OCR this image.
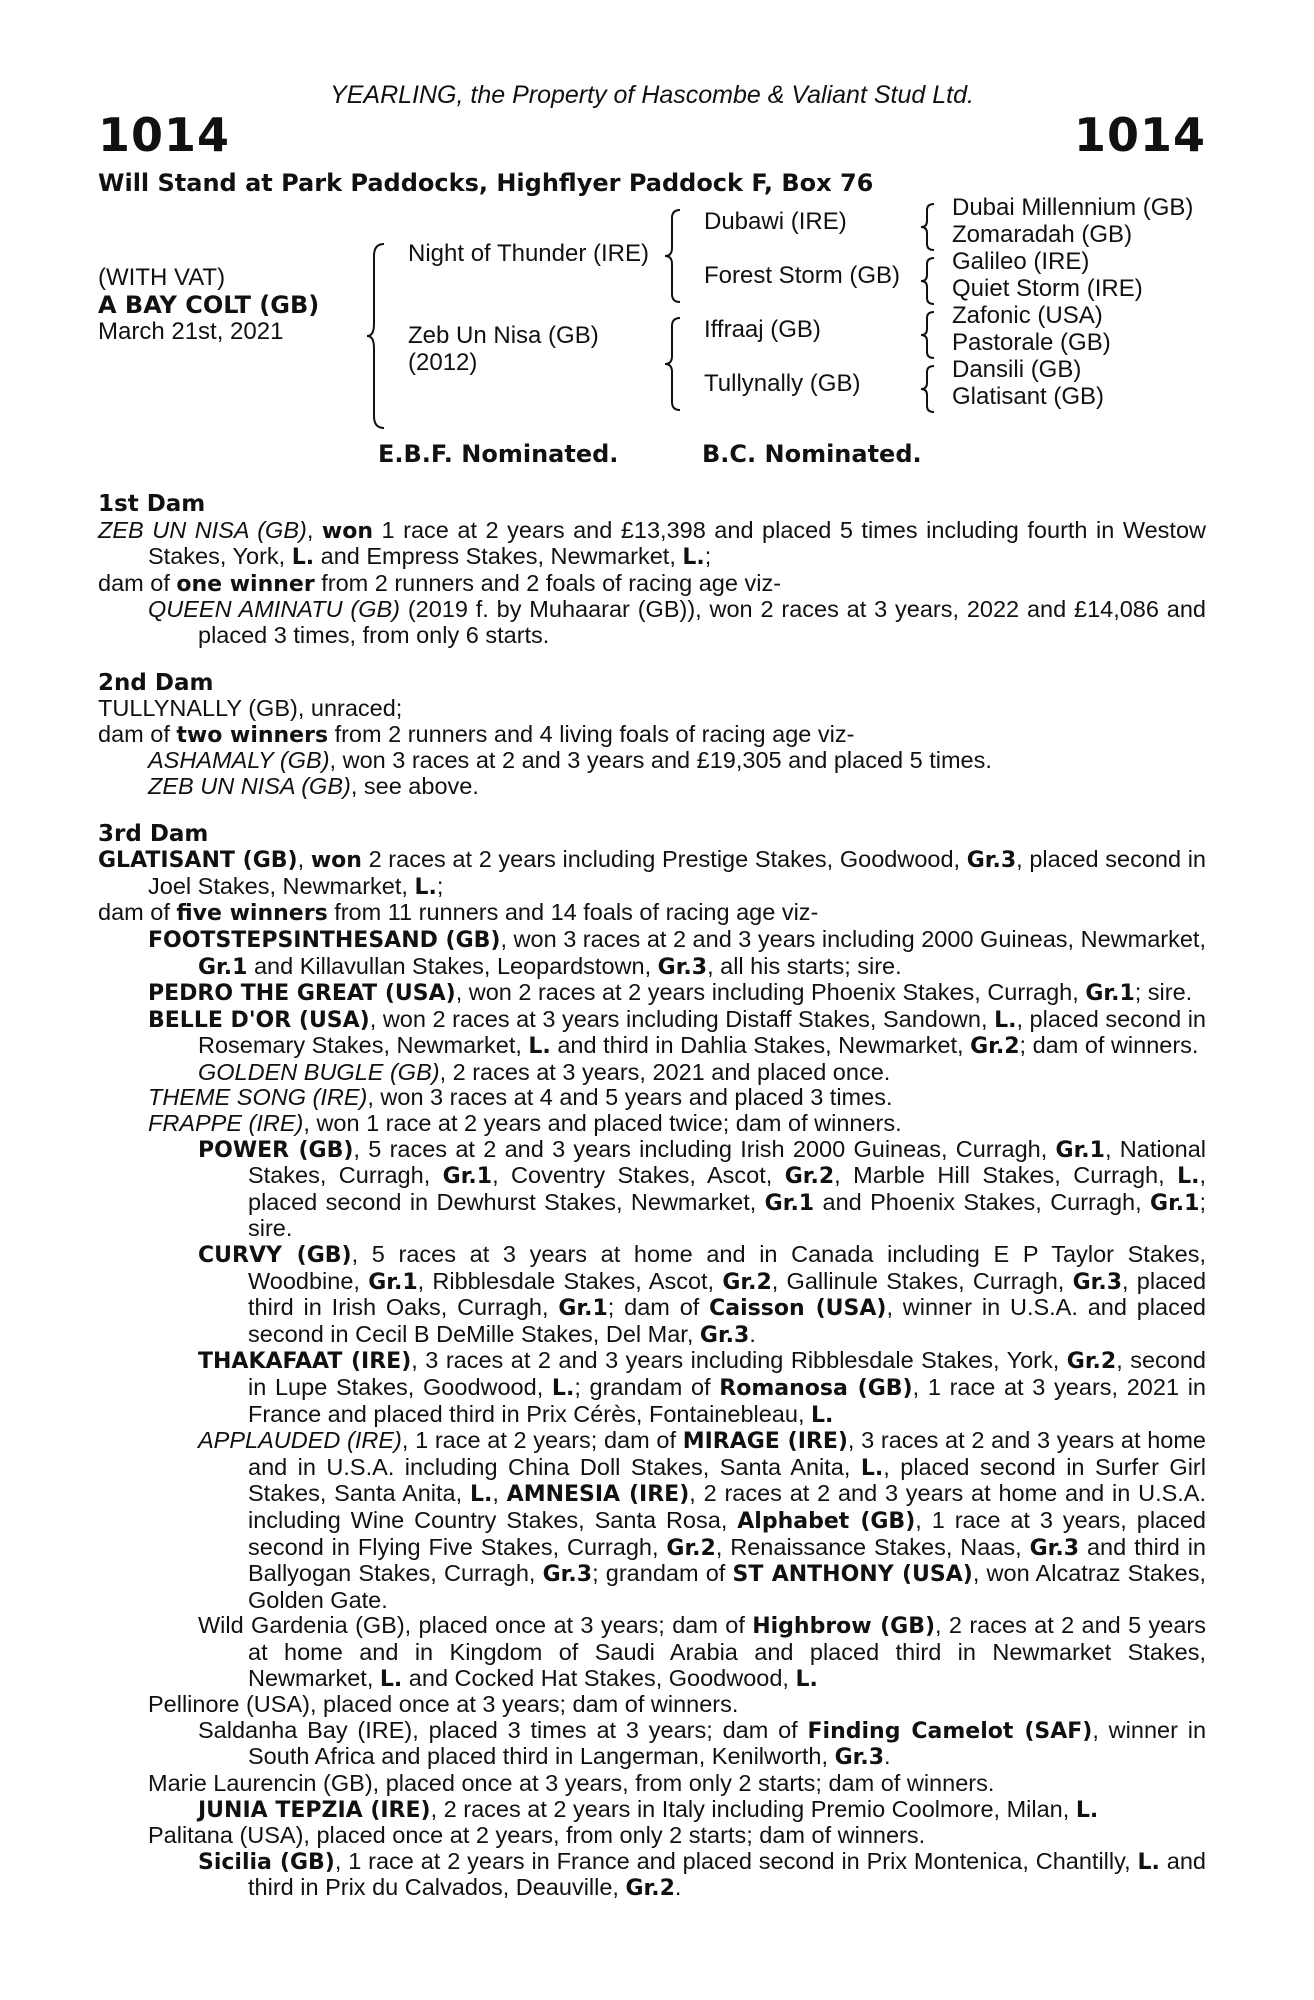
YEARLING, the Property of Hascombe & Valiant Stud Ltd.
1014	1014
Will Stand at Park Paddocks, Highflyer Paddock F, Box 76
(WITH VAT)
A BAY COLT (GB)
March 21st, 2021
Night of Thunder (IRE)
Zeb Un Nisa (GB)
(2012)
Dubawi (IRE)
Forest Storm (GB)
Iffraaj (GB)
Tullynally (GB)
Dubai Millennium (GB)
Zomaradah (GB)
Galileo (IRE)
Quiet Storm (IRE)
Zafonic (USA)
Pastorale (GB)
Dansili (GB)
Glatisant (GB)
E.B.F. Nominated.	B.C. Nominated.
1st Dam

ZEB UN NISA (GB), won 1 race at 2 years and £13,398 and placed 5 times including fourth in Westow Stakes, York, L. and Empress Stakes, Newmarket, L.;

dam of one winner from 2 runners and 2 foals of racing age viz-

QUEEN AMINATU (GB) (2019 f. by Muhaarar (GB)), won 2 races at 3 years, 2022 and £14,086 and placed 3 times, from only 6 starts.

2nd Dam

TULLYNALLY (GB), unraced;

dam of two winners from 2 runners and 4 living foals of racing age viz-

ASHAMALY (GB), won 3 races at 2 and 3 years and £19,305 and placed 5 times.

ZEB UN NISA (GB), see above.

3rd Dam

GLATISANT (GB), won 2 races at 2 years including Prestige Stakes, Goodwood, Gr.3, placed second in Joel Stakes, Newmarket, L.;

dam of five winners from 11 runners and 14 foals of racing age viz-

FOOTSTEPSINTHESAND (GB), won 3 races at 2 and 3 years including 2000 Guineas, Newmarket, Gr.1 and Killavullan Stakes, Leopardstown, Gr.3, all his starts; sire.

PEDRO THE GREAT (USA), won 2 races at 2 years including Phoenix Stakes, Curragh, Gr.1; sire.

BELLE D'OR (USA), won 2 races at 3 years including Distaff Stakes, Sandown, L., placed second in Rosemary Stakes, Newmarket, L. and third in Dahlia Stakes, Newmarket, Gr.2; dam of winners.

GOLDEN BUGLE (GB), 2 races at 3 years, 2021 and placed once.

THEME SONG (IRE), won 3 races at 4 and 5 years and placed 3 times.

FRAPPE (IRE), won 1 race at 2 years and placed twice; dam of winners.

POWER (GB), 5 races at 2 and 3 years including Irish 2000 Guineas, Curragh, Gr.1, National Stakes, Curragh, Gr.1, Coventry Stakes, Ascot, Gr.2, Marble Hill Stakes, Curragh, L., placed second in Dewhurst Stakes, Newmarket, Gr.1 and Phoenix Stakes, Curragh, Gr.1; sire.

CURVY (GB), 5 races at 3 years at home and in Canada including E P Taylor Stakes, Woodbine, Gr.1, Ribblesdale Stakes, Ascot, Gr.2, Gallinule Stakes, Curragh, Gr.3, placed third in Irish Oaks, Curragh, Gr.1; dam of Caisson (USA), winner in U.S.A. and placed second in Cecil B DeMille Stakes, Del Mar, Gr.3.

THAKAFAAT (IRE), 3 races at 2 and 3 years including Ribblesdale Stakes, York, Gr.2, second in Lupe Stakes, Goodwood, L.; grandam of Romanosa (GB), 1 race at 3 years, 2021 in France and placed third in Prix Cérès, Fontainebleau, L.

APPLAUDED (IRE), 1 race at 2 years; dam of MIRAGE (IRE), 3 races at 2 and 3 years at home and in U.S.A. including China Doll Stakes, Santa Anita, L., placed second in Surfer Girl Stakes, Santa Anita, L., AMNESIA (IRE), 2 races at 2 and 3 years at home and in U.S.A. including Wine Country Stakes, Santa Rosa, Alphabet (GB), 1 race at 3 years, placed second in Flying Five Stakes, Curragh, Gr.2, Renaissance Stakes, Naas, Gr.3 and third in Ballyogan Stakes, Curragh, Gr.3; grandam of ST ANTHONY (USA), won Alcatraz Stakes, Golden Gate.

Wild Gardenia (GB), placed once at 3 years; dam of Highbrow (GB), 2 races at 2 and 5 years at home and in Kingdom of Saudi Arabia and placed third in Newmarket Stakes, Newmarket, L. and Cocked Hat Stakes, Goodwood, L.

Pellinore (USA), placed once at 3 years; dam of winners.

Saldanha Bay (IRE), placed 3 times at 3 years; dam of Finding Camelot (SAF), winner in South Africa and placed third in Langerman, Kenilworth, Gr.3.

Marie Laurencin (GB), placed once at 3 years, from only 2 starts; dam of winners.

JUNIA TEPZIA (IRE), 2 races at 2 years in Italy including Premio Coolmore, Milan, L.

Palitana (USA), placed once at 2 years, from only 2 starts; dam of winners.

Sicilia (GB), 1 race at 2 years in France and placed second in Prix Montenica, Chantilly, L. and third in Prix du Calvados, Deauville, Gr.2.
